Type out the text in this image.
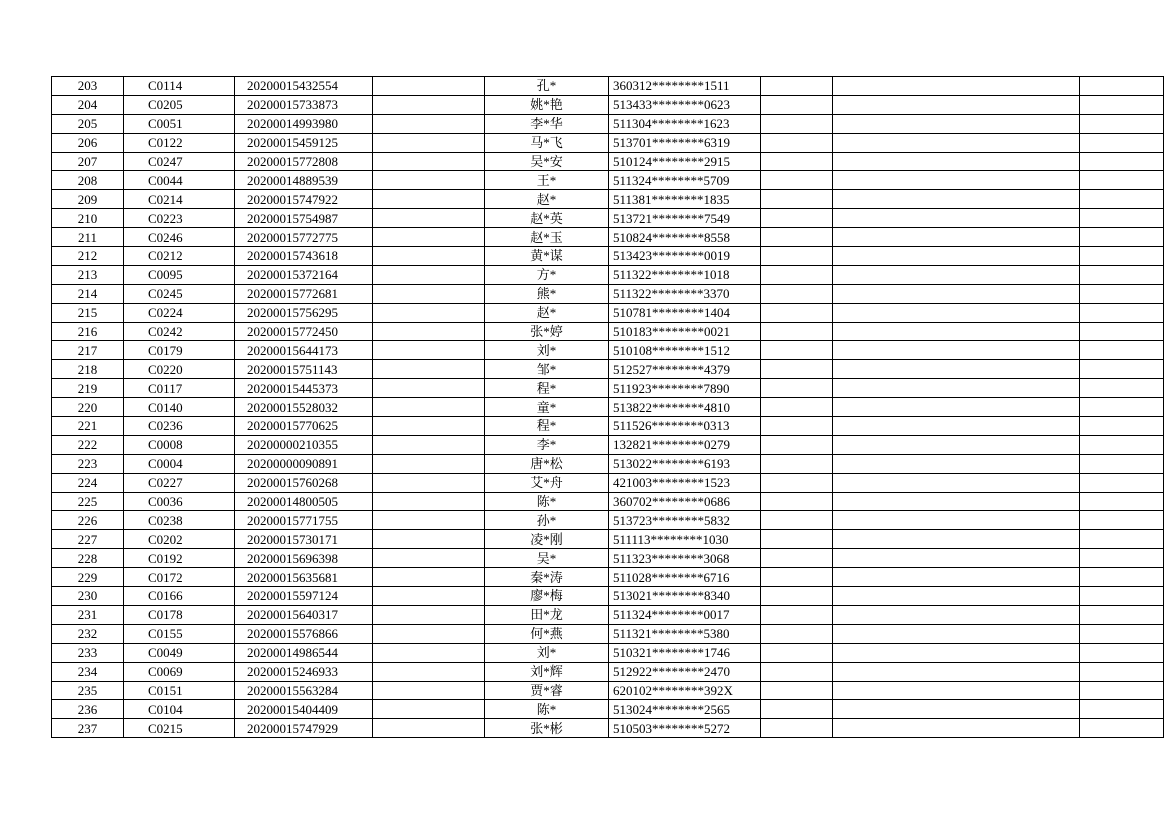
203	C0114	20200015432554		孔*	360312********1511			
204	C0205	20200015733873		姚*艳	513433********0623			
205	C0051	20200014993980		李*华	511304********1623			
206	C0122	20200015459125		马*飞	513701********6319			
207	C0247	20200015772808		吴*安	510124********2915			
208	C0044	20200014889539		王*	511324********5709			
209	C0214	20200015747922		赵*	511381********1835			
210	C0223	20200015754987		赵*英	513721********7549			
211	C0246	20200015772775		赵*玉	510824********8558			
212	C0212	20200015743618		黄*谋	513423********0019			
213	C0095	20200015372164		方*	511322********1018			
214	C0245	20200015772681		熊*	511322********3370			
215	C0224	20200015756295		赵*	510781********1404			
216	C0242	20200015772450		张*婷	510183********0021			
217	C0179	20200015644173		刘*	510108********1512			
218	C0220	20200015751143		邹*	512527********4379			
219	C0117	20200015445373		程*	511923********7890			
220	C0140	20200015528032		童*	513822********4810			
221	C0236	20200015770625		程*	511526********0313			
222	C0008	20200000210355		李*	132821********0279			
223	C0004	20200000090891		唐*松	513022********6193			
224	C0227	20200015760268		艾*舟	421003********1523			
225	C0036	20200014800505		陈*	360702********0686			
226	C0238	20200015771755		孙*	513723********5832			
227	C0202	20200015730171		凌*刚	511113********1030			
228	C0192	20200015696398		吴*	511323********3068			
229	C0172	20200015635681		秦*涛	511028********6716			
230	C0166	20200015597124		廖*梅	513021********8340			
231	C0178	20200015640317		田*龙	511324********0017			
232	C0155	20200015576866		何*燕	511321********5380			
233	C0049	20200014986544		刘*	510321********1746			
234	C0069	20200015246933		刘*辉	512922********2470			
235	C0151	20200015563284		贾*睿	620102********392X			
236	C0104	20200015404409		陈*	513024********2565			
237	C0215	20200015747929		张*彬	510503********5272			
